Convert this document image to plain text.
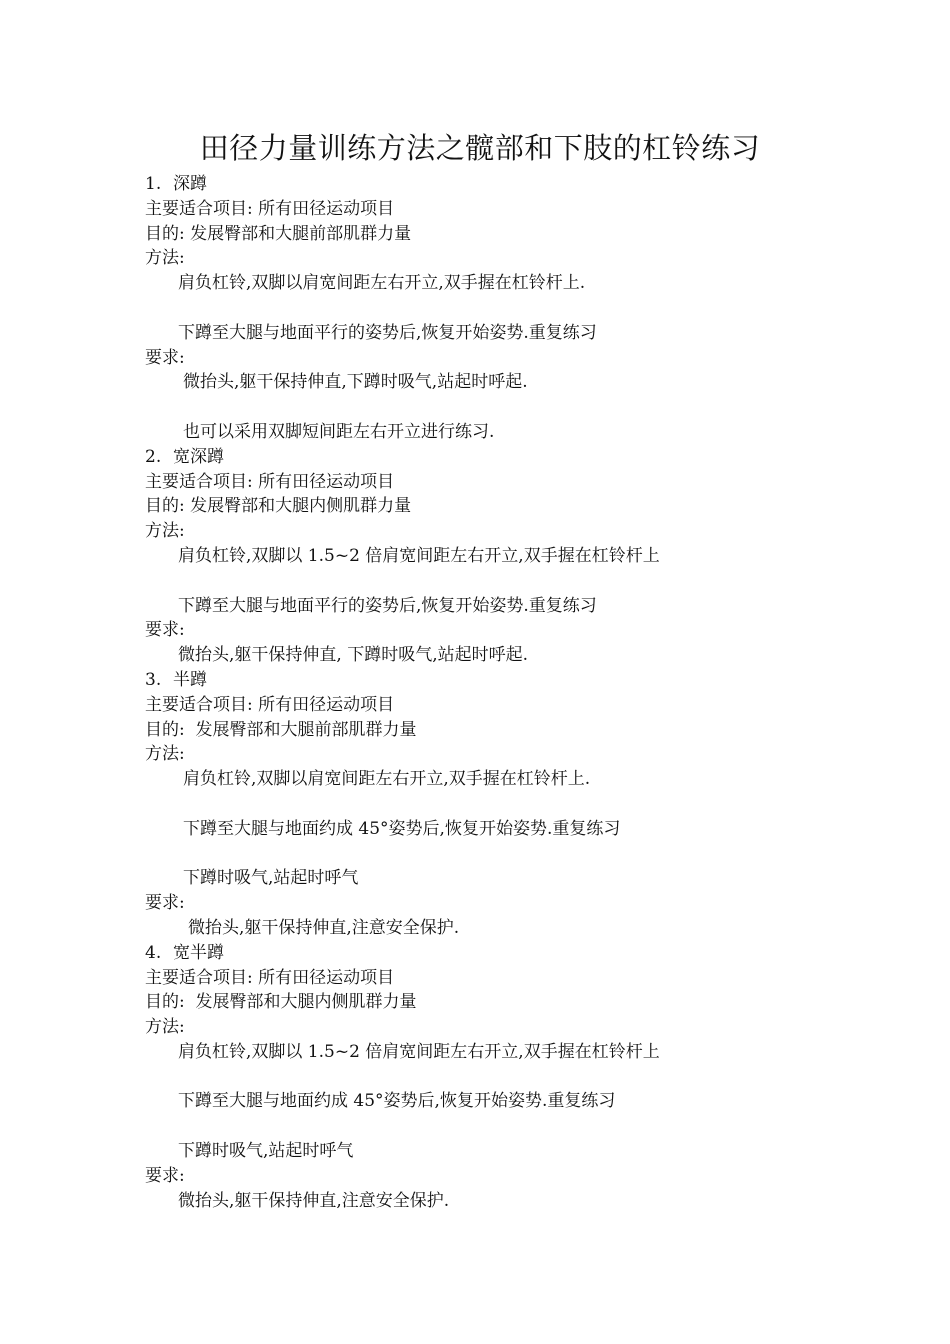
田径力量训练方法之髋部和下肢的杠铃练习
1. 深蹲
主要适合项目: 所有田径运动项目
目的: 发展臀部和大腿前部肌群力量
方法:
肩负杠铃,双脚以肩宽间距左右开立,双手握在杠铃杆上.
下蹲至大腿与地面平行的姿势后,恢复开始姿势.重复练习
要求:
微抬头,躯干保持伸直,下蹲时吸气,站起时呼起.
也可以采用双脚短间距左右开立进行练习.
2. 宽深蹲
主要适合项目: 所有田径运动项目
目的: 发展臀部和大腿内侧肌群力量
方法:
肩负杠铃,双脚以 1.5~2 倍肩宽间距左右开立,双手握在杠铃杆上
下蹲至大腿与地面平行的姿势后,恢复开始姿势.重复练习
要求:
微抬头,躯干保持伸直, 下蹲时吸气,站起时呼起.
3. 半蹲
主要适合项目: 所有田径运动项目
目的:  发展臀部和大腿前部肌群力量
方法:
肩负杠铃,双脚以肩宽间距左右开立,双手握在杠铃杆上.
下蹲至大腿与地面约成 45°姿势后,恢复开始姿势.重复练习
下蹲时吸气,站起时呼气
要求:
微抬头,躯干保持伸直,注意安全保护.
4. 宽半蹲
主要适合项目: 所有田径运动项目
目的:  发展臀部和大腿内侧肌群力量
方法:
肩负杠铃,双脚以 1.5~2 倍肩宽间距左右开立,双手握在杠铃杆上
下蹲至大腿与地面约成 45°姿势后,恢复开始姿势.重复练习
下蹲时吸气,站起时呼气
要求:
微抬头,躯干保持伸直,注意安全保护.
